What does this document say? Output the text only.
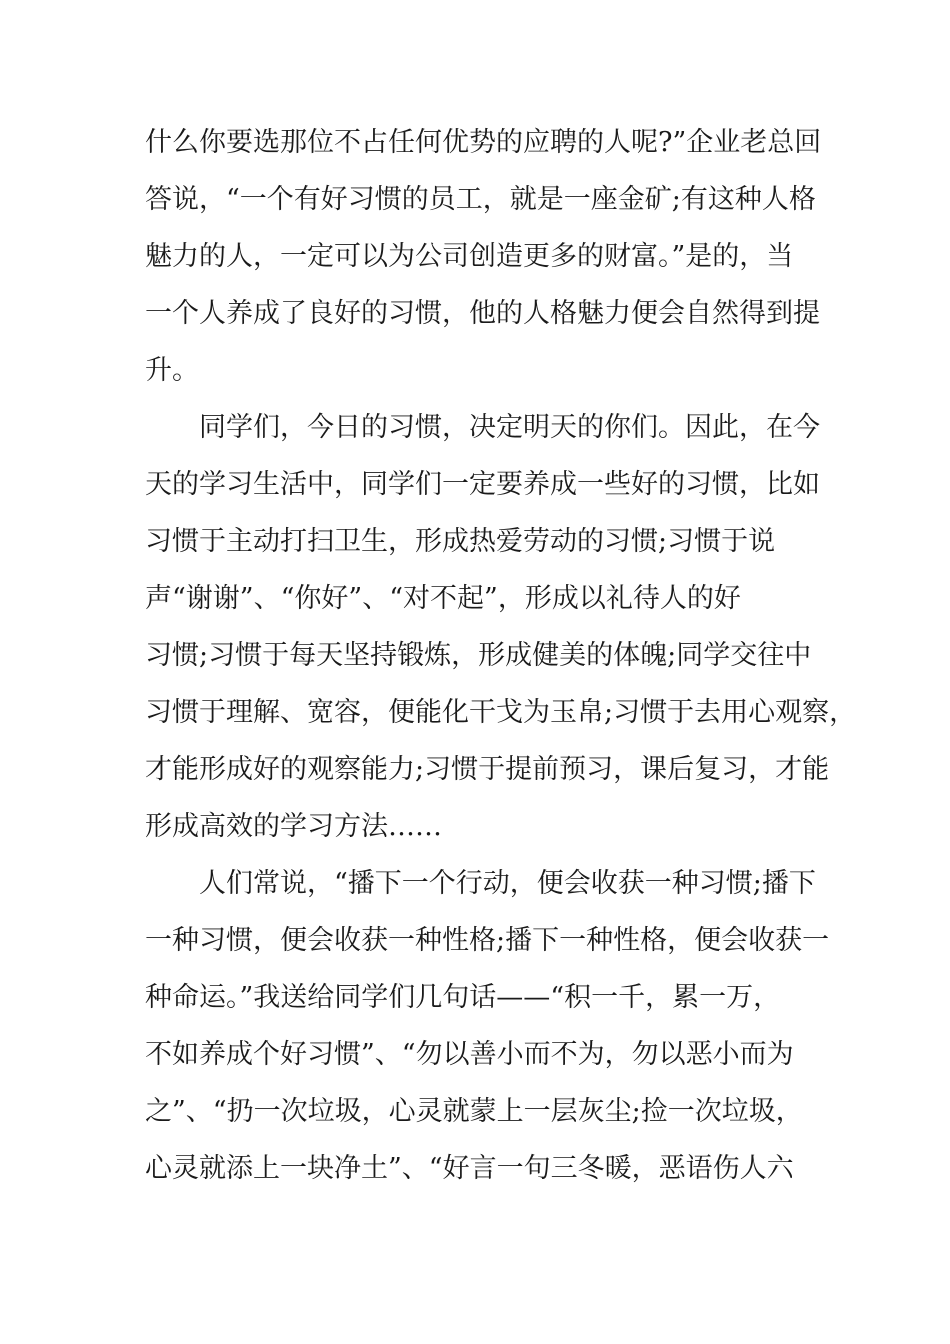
什么你要选那位不占任何优势的应聘的人呢?”企业老总回
答说，“一个有好习惯的员工，就是一座金矿;有这种人格
魅力的人，一定可以为公司创造更多的财富。”是的，当
一个人养成了良好的习惯，他的人格魅力便会自然得到提
升。
同学们，今日的习惯，决定明天的你们。因此，在今
天的学习生活中，同学们一定要养成一些好的习惯，比如
习惯于主动打扫卫生，形成热爱劳动的习惯;习惯于说
声“谢谢”、“你好”、“对不起”，形成以礼待人的好
习惯;习惯于每天坚持锻炼，形成健美的体魄;同学交往中
习惯于理解、宽容，便能化干戈为玉帛;习惯于去用心观察，
才能形成好的观察能力;习惯于提前预习，课后复习，才能
形成高效的学习方法……
人们常说，“播下一个行动，便会收获一种习惯;播下
一种习惯，便会收获一种性格;播下一种性格，便会收获一
种命运。”我送给同学们几句话——“积一千，累一万，
不如养成个好习惯”、“勿以善小而不为，勿以恶小而为
之”、“扔一次垃圾，心灵就蒙上一层灰尘;捡一次垃圾，
心灵就添上一块净土”、“好言一句三冬暖，恶语伤人六
